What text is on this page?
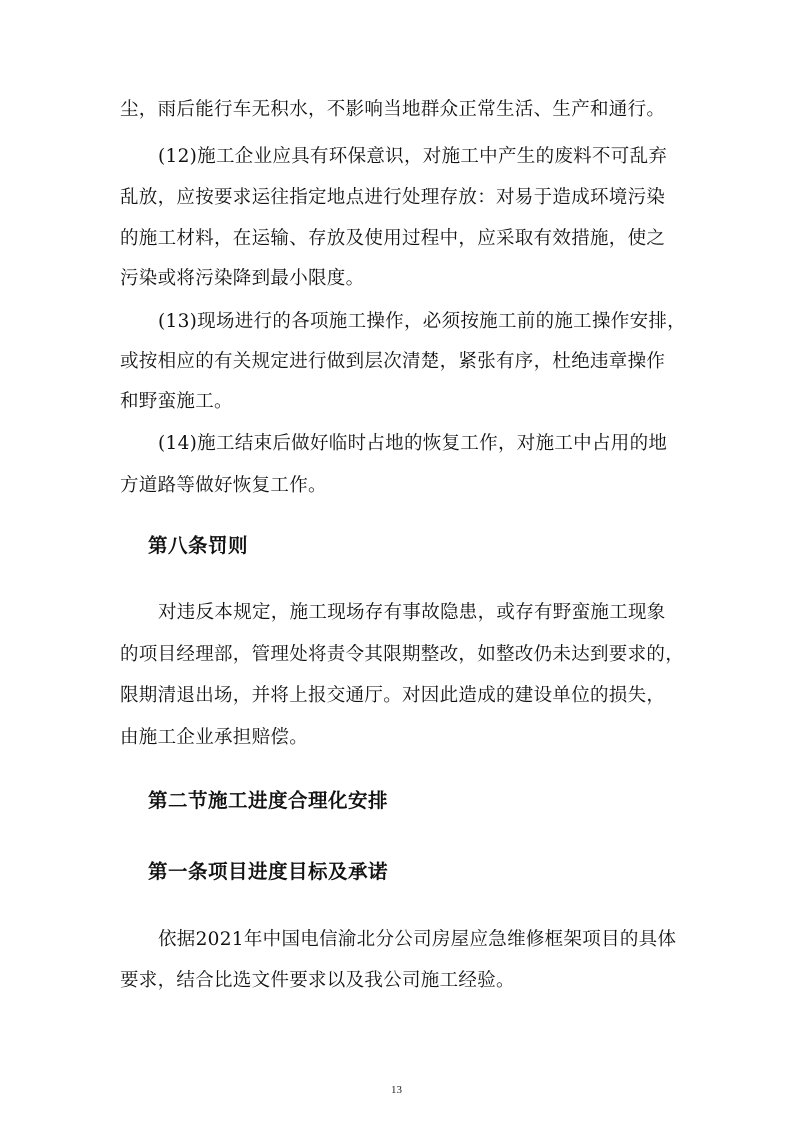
尘，雨后能行车无积水，不影响当地群众正常生活、生产和通行。
(12)施工企业应具有环保意识，对施工中产生的废料不可乱弃
乱放，应按要求运往指定地点进行处理存放：对易于造成环境污染
的施工材料，在运输、存放及使用过程中，应采取有效措施，使之
污染或将污染降到最小限度。
(13)现场进行的各项施工操作，必须按施工前的施工操作安排，
或按相应的有关规定进行做到层次清楚，紧张有序，杜绝违章操作
和野蛮施工。
(14)施工结束后做好临时占地的恢复工作，对施工中占用的地
方道路等做好恢复工作。
第八条罚则
对违反本规定，施工现场存有事故隐患，或存有野蛮施工现象
的项目经理部，管理处将责令其限期整改，如整改仍未达到要求的，
限期清退出场，并将上报交通厅。对因此造成的建设单位的损失，
由施工企业承担赔偿。
第二节施工进度合理化安排
第一条项目进度目标及承诺
依据2021年中国电信渝北分公司房屋应急维修框架项目的具体
要求，结合比选文件要求以及我公司施工经验。
13
